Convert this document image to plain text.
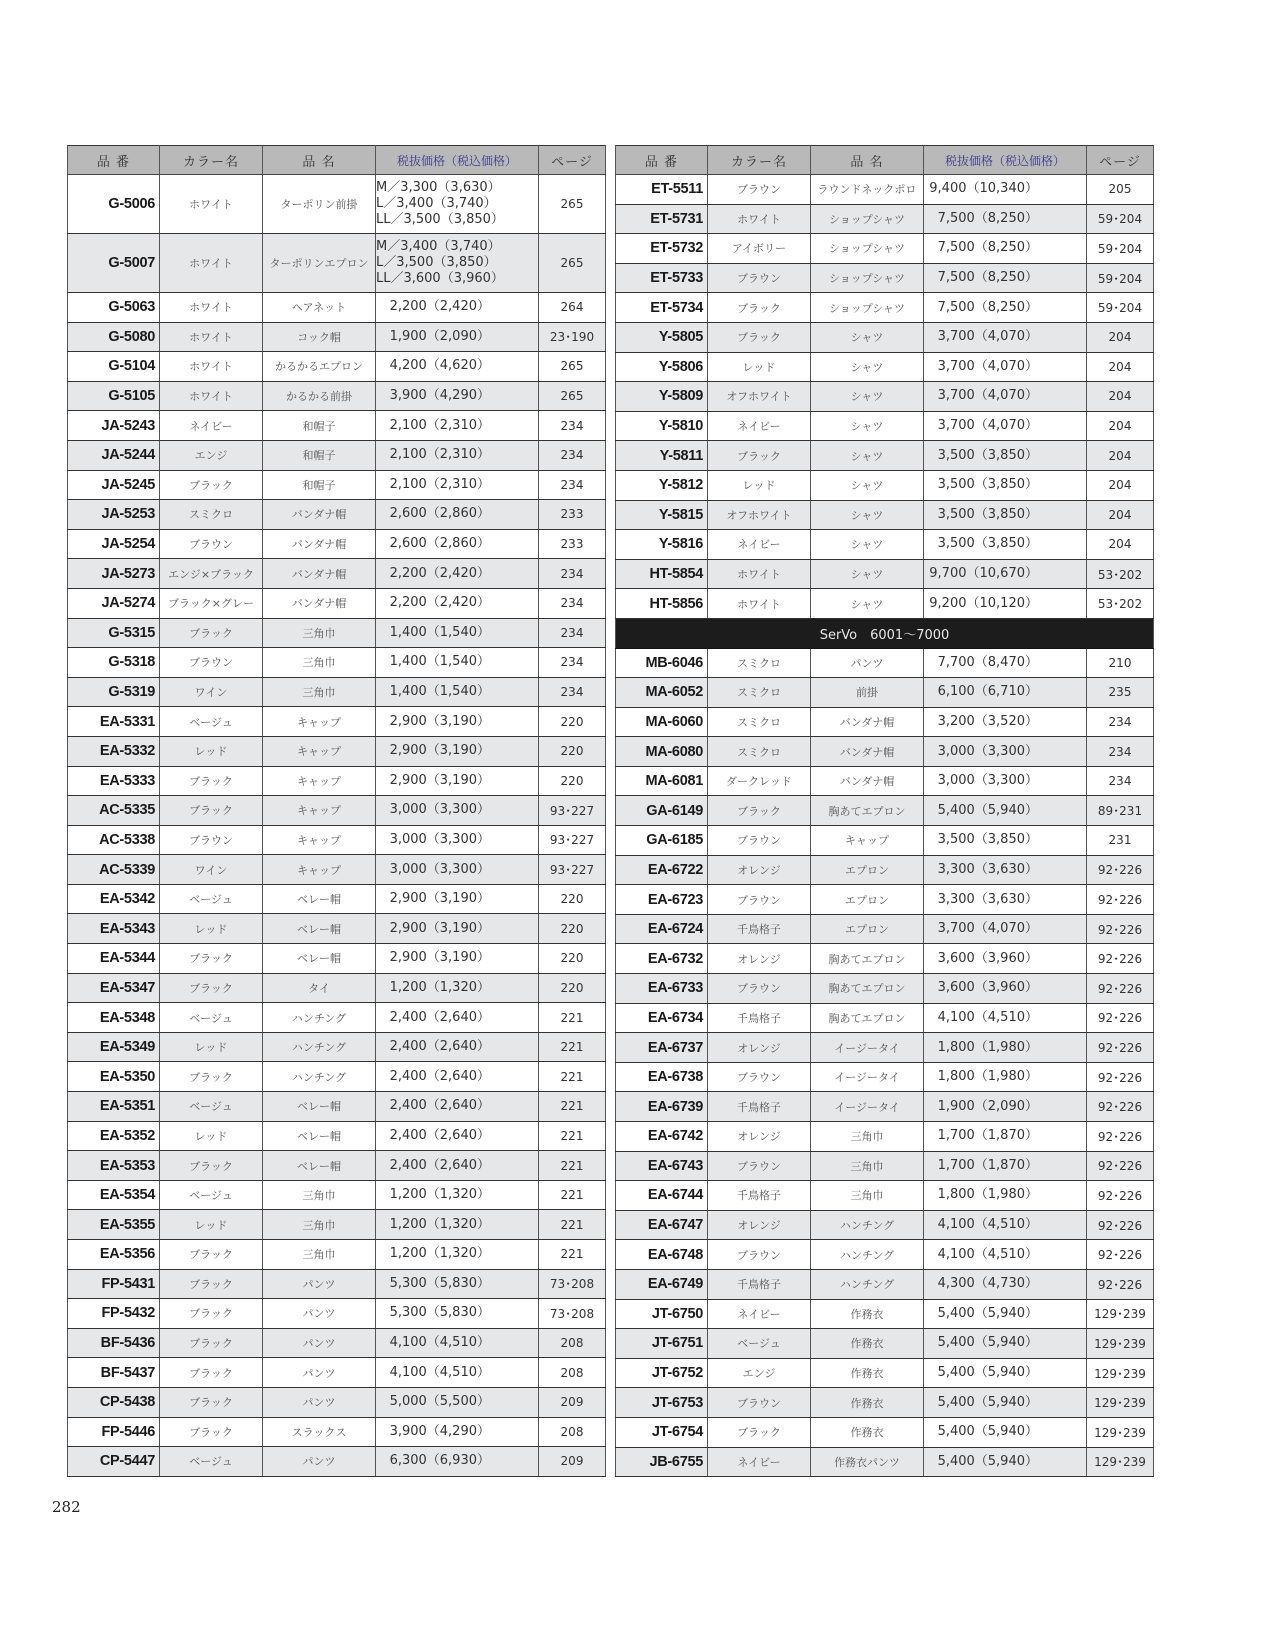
品 番	カラー名	品 名	税抜価格（税込価格）	ページ
G-5006	ホワイト	ターポリン前掛	M／3,300（3,630）
L／3,400（3,740）
LL／3,500（3,850）	265
G-5007	ホワイト	ターポリンエプロン	M／3,400（3,740）
L／3,500（3,850）
LL／3,600（3,960）	265
G-5063	ホワイト	ヘアネット	2,200（2,420）	264
G-5080	ホワイト	コック帽	1,900（2,090）	23･190
G-5104	ホワイト	かるかるエプロン	4,200（4,620）	265
G-5105	ホワイト	かるかる前掛	3,900（4,290）	265
JA-5243	ネイビー	和帽子	2,100（2,310）	234
JA-5244	エンジ	和帽子	2,100（2,310）	234
JA-5245	ブラック	和帽子	2,100（2,310）	234
JA-5253	スミクロ	バンダナ帽	2,600（2,860）	233
JA-5254	ブラウン	バンダナ帽	2,600（2,860）	233
JA-5273	エンジ×ブラック	バンダナ帽	2,200（2,420）	234
JA-5274	ブラック×グレー	バンダナ帽	2,200（2,420）	234
G-5315	ブラック	三角巾	1,400（1,540）	234
G-5318	ブラウン	三角巾	1,400（1,540）	234
G-5319	ワイン	三角巾	1,400（1,540）	234
EA-5331	ベージュ	キャップ	2,900（3,190）	220
EA-5332	レッド	キャップ	2,900（3,190）	220
EA-5333	ブラック	キャップ	2,900（3,190）	220
AC-5335	ブラック	キャップ	3,000（3,300）	93･227
AC-5338	ブラウン	キャップ	3,000（3,300）	93･227
AC-5339	ワイン	キャップ	3,000（3,300）	93･227
EA-5342	ベージュ	ベレー帽	2,900（3,190）	220
EA-5343	レッド	ベレー帽	2,900（3,190）	220
EA-5344	ブラック	ベレー帽	2,900（3,190）	220
EA-5347	ブラック	タイ	1,200（1,320）	220
EA-5348	ベージュ	ハンチング	2,400（2,640）	221
EA-5349	レッド	ハンチング	2,400（2,640）	221
EA-5350	ブラック	ハンチング	2,400（2,640）	221
EA-5351	ベージュ	ベレー帽	2,400（2,640）	221
EA-5352	レッド	ベレー帽	2,400（2,640）	221
EA-5353	ブラック	ベレー帽	2,400（2,640）	221
EA-5354	ベージュ	三角巾	1,200（1,320）	221
EA-5355	レッド	三角巾	1,200（1,320）	221
EA-5356	ブラック	三角巾	1,200（1,320）	221
FP-5431	ブラック	パンツ	5,300（5,830）	73･208
FP-5432	ブラック	パンツ	5,300（5,830）	73･208
BF-5436	ブラック	パンツ	4,100（4,510）	208
BF-5437	ブラック	パンツ	4,100（4,510）	208
CP-5438	ブラック	パンツ	5,000（5,500）	209
FP-5446	ブラック	スラックス	3,900（4,290）	208
CP-5447	ベージュ	パンツ	6,300（6,930）	209
品 番	カラー名	品 名	税抜価格（税込価格）	ページ
ET-5511	ブラウン	ラウンドネックポロ	9,400（10,340）	205
ET-5731	ホワイト	ショップシャツ	7,500（8,250）	59･204
ET-5732	アイボリー	ショップシャツ	7,500（8,250）	59･204
ET-5733	ブラウン	ショップシャツ	7,500（8,250）	59･204
ET-5734	ブラック	ショップシャツ	7,500（8,250）	59･204
Y-5805	ブラック	シャツ	3,700（4,070）	204
Y-5806	レッド	シャツ	3,700（4,070）	204
Y-5809	オフホワイト	シャツ	3,700（4,070）	204
Y-5810	ネイビー	シャツ	3,700（4,070）	204
Y-5811	ブラック	シャツ	3,500（3,850）	204
Y-5812	レッド	シャツ	3,500（3,850）	204
Y-5815	オフホワイト	シャツ	3,500（3,850）	204
Y-5816	ネイビー	シャツ	3,500（3,850）	204
HT-5854	ホワイト	シャツ	9,700（10,670）	53･202
HT-5856	ホワイト	シャツ	9,200（10,120）	53･202
SerVo　6001～7000				
MB-6046	スミクロ	パンツ	7,700（8,470）	210
MA-6052	スミクロ	前掛	6,100（6,710）	235
MA-6060	スミクロ	バンダナ帽	3,200（3,520）	234
MA-6080	スミクロ	バンダナ帽	3,000（3,300）	234
MA-6081	ダークレッド	バンダナ帽	3,000（3,300）	234
GA-6149	ブラック	胸あてエプロン	5,400（5,940）	89･231
GA-6185	ブラウン	キャップ	3,500（3,850）	231
EA-6722	オレンジ	エプロン	3,300（3,630）	92･226
EA-6723	ブラウン	エプロン	3,300（3,630）	92･226
EA-6724	千鳥格子	エプロン	3,700（4,070）	92･226
EA-6732	オレンジ	胸あてエプロン	3,600（3,960）	92･226
EA-6733	ブラウン	胸あてエプロン	3,600（3,960）	92･226
EA-6734	千鳥格子	胸あてエプロン	4,100（4,510）	92･226
EA-6737	オレンジ	イージータイ	1,800（1,980）	92･226
EA-6738	ブラウン	イージータイ	1,800（1,980）	92･226
EA-6739	千鳥格子	イージータイ	1,900（2,090）	92･226
EA-6742	オレンジ	三角巾	1,700（1,870）	92･226
EA-6743	ブラウン	三角巾	1,700（1,870）	92･226
EA-6744	千鳥格子	三角巾	1,800（1,980）	92･226
EA-6747	オレンジ	ハンチング	4,100（4,510）	92･226
EA-6748	ブラウン	ハンチング	4,100（4,510）	92･226
EA-6749	千鳥格子	ハンチング	4,300（4,730）	92･226
JT-6750	ネイビー	作務衣	5,400（5,940）	129･239
JT-6751	ベージュ	作務衣	5,400（5,940）	129･239
JT-6752	エンジ	作務衣	5,400（5,940）	129･239
JT-6753	ブラウン	作務衣	5,400（5,940）	129･239
JT-6754	ブラック	作務衣	5,400（5,940）	129･239
JB-6755	ネイビー	作務衣パンツ	5,400（5,940）	129･239
282
